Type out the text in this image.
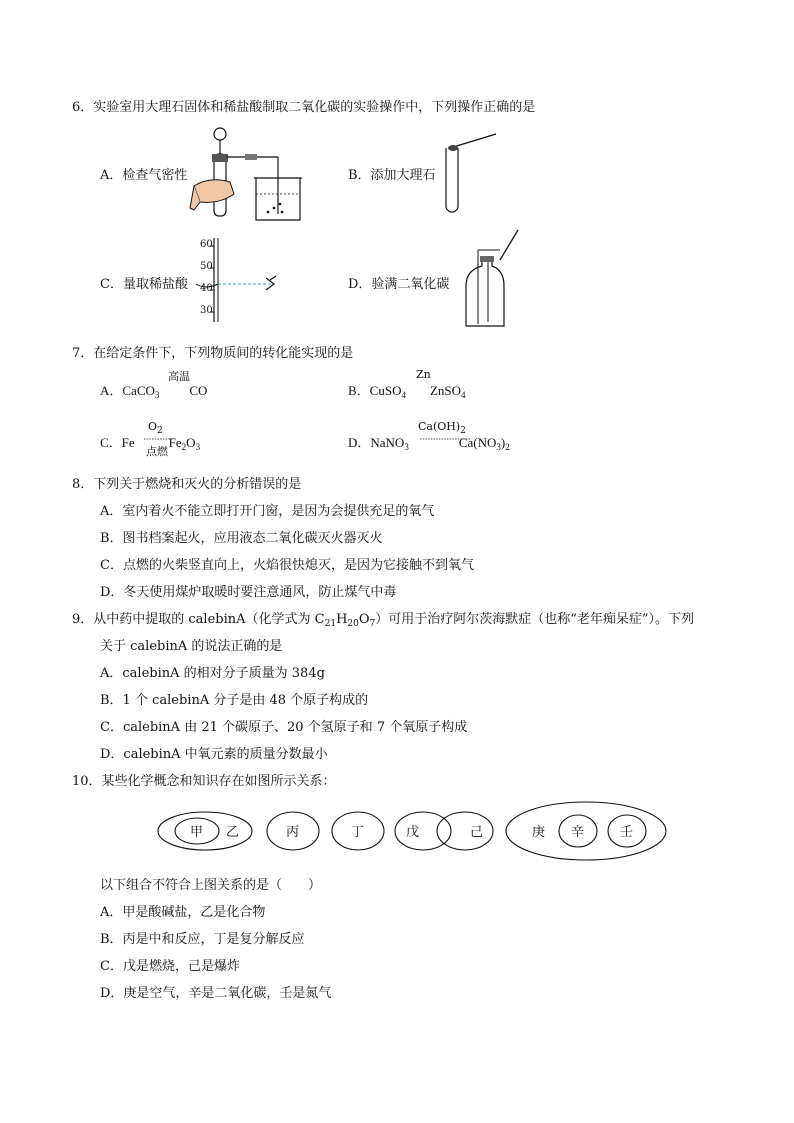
6．实验室用大理石固体和稀盐酸制取二氧化碳的实验操作中，下列操作正确的是
A．检查气密性	B．添加大理石
C．量取稀盐酸
60
50
40
30
D．验满二氧化碳
7．在给定条件下，下列物质间的转化能实现的是
A．CaCO$_3$ CO
高温
B．CuSO$_4$ ZnSO$_4$
Zn
C．Fe	$Fe_2O_3$
$O_2$
点燃
D．NaNO$_3$	$Ca(NO_3)_2$
$Ca(OH)_2$
8．下列关于燃烧和灭火的分析错误的是
A．室内着火不能立即打开门窗，是因为会提供充足的氧气
B．图书档案起火，应用液态二氧化碳灭火器灭火
C．点燃的火柴竖直向上，火焰很快熄灭，是因为它接触不到氧气
D．冬天使用煤炉取暖时要注意通风，防止煤气中毒
9．从中药中提取的 calebinA（化学式为 $C_{21}H_{20}O_7$）可用于治疗阿尔茨海默症（也称“老年痴呆症”）。下列
关于 calebinA 的说法正确的是
A．calebinA 的相对分子质量为 384g
B．1 个 calebinA 分子是由 48 个原子构成的
C．calebinA 由 21 个碳原子、20 个氢原子和 7 个氧原子构成
D．calebinA 中氧元素的质量分数最小
10．某些化学概念和知识存在如图所示关系：
甲 乙	丙	丁	戊	己	庚 辛	壬
以下组合不符合上图关系的是（　　）
A．甲是酸碱盐，乙是化合物
B．丙是中和反应，丁是复分解反应
C．戊是燃烧，己是爆炸
D．庚是空气，辛是二氧化碳，壬是氮气
